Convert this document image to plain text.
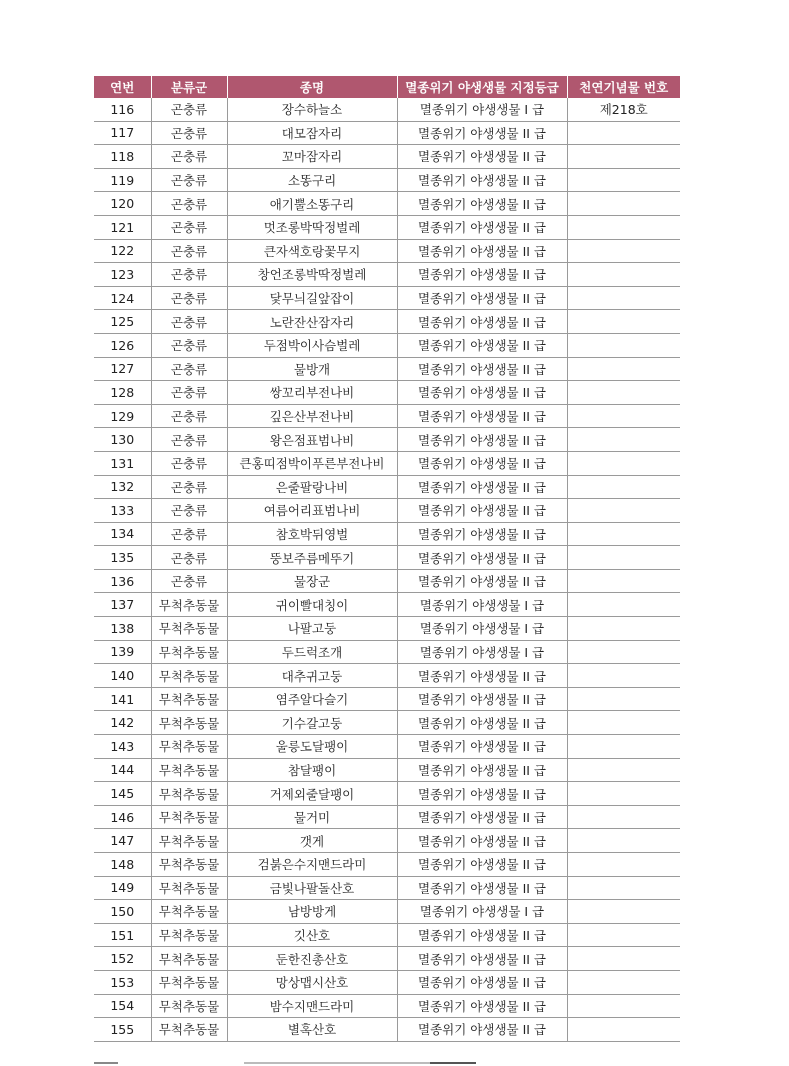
연번	분류군	종명	멸종위기 야생생물 지정등급	천연기념물 번호
116	곤충류	장수하늘소	멸종위기 야생생물 I 급	제218호
117	곤충류	대모잠자리	멸종위기 야생생물 II 급	
118	곤충류	꼬마잠자리	멸종위기 야생생물 II 급	
119	곤충류	소똥구리	멸종위기 야생생물 II 급	
120	곤충류	애기뿔소똥구리	멸종위기 야생생물 II 급	
121	곤충류	멋조롱박딱정벌레	멸종위기 야생생물 II 급	
122	곤충류	큰자색호랑꽃무지	멸종위기 야생생물 II 급	
123	곤충류	창언조롱박딱정벌레	멸종위기 야생생물 II 급	
124	곤충류	닻무늬길앞잡이	멸종위기 야생생물 II 급	
125	곤충류	노란잔산잠자리	멸종위기 야생생물 II 급	
126	곤충류	두점박이사슴벌레	멸종위기 야생생물 II 급	
127	곤충류	물방개	멸종위기 야생생물 II 급	
128	곤충류	쌍꼬리부전나비	멸종위기 야생생물 II 급	
129	곤충류	깊은산부전나비	멸종위기 야생생물 II 급	
130	곤충류	왕은점표범나비	멸종위기 야생생물 II 급	
131	곤충류	큰홍띠점박이푸른부전나비	멸종위기 야생생물 II 급	
132	곤충류	은줄팔랑나비	멸종위기 야생생물 II 급	
133	곤충류	여름어리표범나비	멸종위기 야생생물 II 급	
134	곤충류	참호박뒤영벌	멸종위기 야생생물 II 급	
135	곤충류	뚱보주름메뚜기	멸종위기 야생생물 II 급	
136	곤충류	물장군	멸종위기 야생생물 II 급	
137	무척추동물	귀이빨대칭이	멸종위기 야생생물 I 급	
138	무척추동물	나팔고둥	멸종위기 야생생물 I 급	
139	무척추동물	두드럭조개	멸종위기 야생생물 I 급	
140	무척추동물	대추귀고둥	멸종위기 야생생물 II 급	
141	무척추동물	염주알다슬기	멸종위기 야생생물 II 급	
142	무척추동물	기수갈고둥	멸종위기 야생생물 II 급	
143	무척추동물	울릉도달팽이	멸종위기 야생생물 II 급	
144	무척추동물	참달팽이	멸종위기 야생생물 II 급	
145	무척추동물	거제외줄달팽이	멸종위기 야생생물 II 급	
146	무척추동물	물거미	멸종위기 야생생물 II 급	
147	무척추동물	갯게	멸종위기 야생생물 II 급	
148	무척추동물	검붉은수지맨드라미	멸종위기 야생생물 II 급	
149	무척추동물	금빛나팔돌산호	멸종위기 야생생물 II 급	
150	무척추동물	남방방게	멸종위기 야생생물 I 급	
151	무척추동물	깃산호	멸종위기 야생생물 II 급	
152	무척추동물	둔한진총산호	멸종위기 야생생물 II 급	
153	무척추동물	망상맵시산호	멸종위기 야생생물 II 급	
154	무척추동물	밤수지맨드라미	멸종위기 야생생물 II 급	
155	무척추동물	별혹산호	멸종위기 야생생물 II 급	
